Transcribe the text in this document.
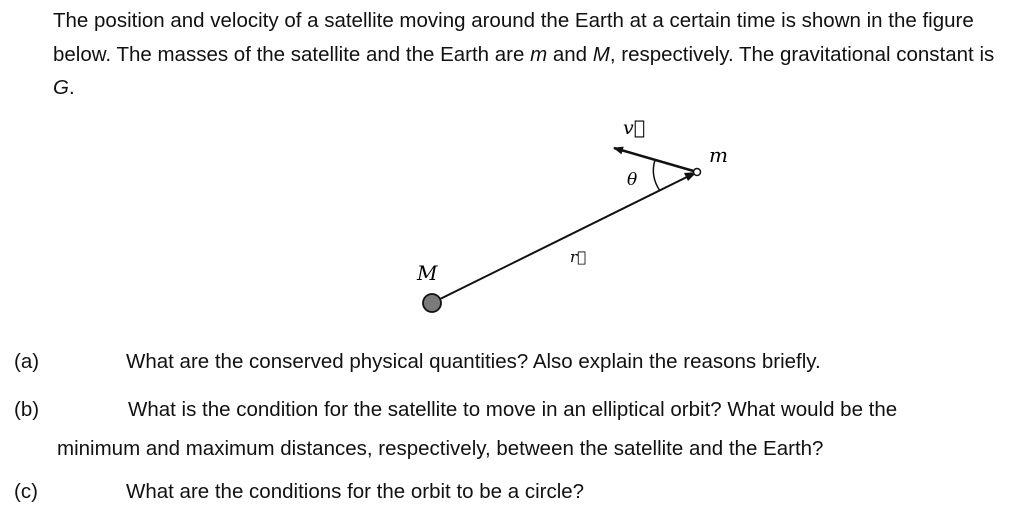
The position and velocity of a satellite moving around the Earth at a certain time is shown in the figure below. The masses of the satellite and the Earth are m and M, respectively. The gravitational constant is G.

M
m
r⃗
v⃗
θ
(a)	What are the conserved physical quantities? Also explain the reasons briefly.
(b)	What is the condition for the satellite to move in an elliptical orbit? What would be the
minimum and maximum distances, respectively, between the satellite and the Earth?
(c)	What are the conditions for the orbit to be a circle?
